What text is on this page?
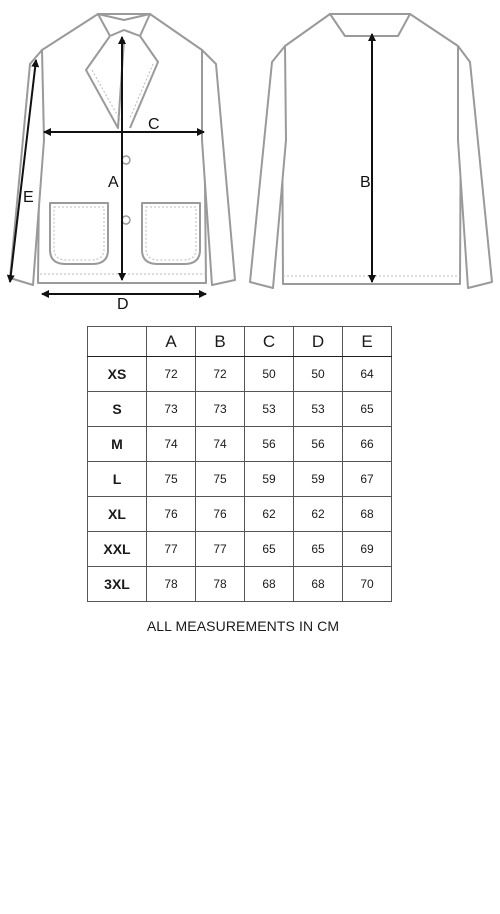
A
C
D
E
B
	A	B	C	D	E
XS	72	72	50	50	64
S	73	73	53	53	65
M	74	74	56	56	66
L	75	75	59	59	67
XL	76	76	62	62	68
XXL	77	77	65	65	69
3XL	78	78	68	68	70
ALL MEASUREMENTS IN CM
